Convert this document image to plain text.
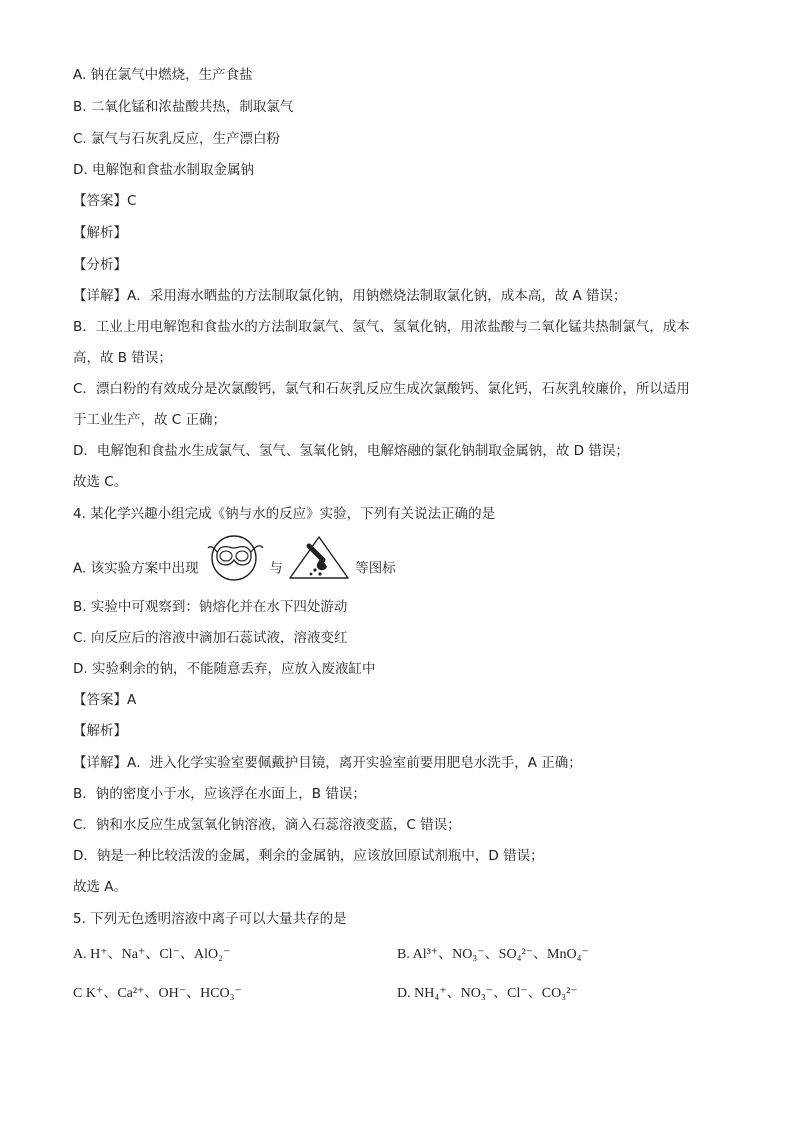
A. 钠在氯气中燃烧，生产食盐
B. 二氧化锰和浓盐酸共热，制取氯气
C. 氯气与石灰乳反应，生产漂白粉
D. 电解饱和食盐水制取金属钠
【答案】C
【解析】
【分析】
【详解】A．采用海水晒盐的方法制取氯化钠，用钠燃烧法制取氯化钠，成本高，故 A 错误；
B．工业上用电解饱和食盐水的方法制取氯气、氢气、氢氧化钠，用浓盐酸与二氧化锰共热制氯气，成本
高，故 B 错误；
C．漂白粉的有效成分是次氯酸钙，氯气和石灰乳反应生成次氯酸钙、氯化钙，石灰乳较廉价，所以适用
于工业生产，故 C 正确；
D．电解饱和食盐水生成氯气、氢气、氢氧化钠，电解熔融的氯化钠制取金属钠，故 D 错误；
故选 C。
4. 某化学兴趣小组完成《钠与水的反应》实验，下列有关说法正确的是
A. 该实验方案中出现	与	等图标
B. 实验中可观察到：钠熔化并在水下四处游动
C. 向反应后的溶液中滴加石蕊试液，溶液变红
D. 实验剩余的钠，不能随意丢弃，应放入废液缸中
【答案】A
【解析】
【详解】A．进入化学实验室要佩戴护目镜，离开实验室前要用肥皂水洗手，A 正确；
B．钠的密度小于水，应该浮在水面上，B 错误；
C．钠和水反应生成氢氧化钠溶液，滴入石蕊溶液变蓝，C 错误；
D．钠是一种比较活泼的金属，剩余的金属钠，应该放回原试剂瓶中，D 错误；
故选 A。
5. 下列无色透明溶液中离子可以大量共存的是
A. H⁺、Na⁺、Cl⁻、AlO₂⁻	B. Al³⁺、NO₃⁻、SO₄²⁻、MnO₄⁻
C K⁺、Ca²⁺、OH⁻、HCO₃⁻	D. NH₄⁺、NO₃⁻、Cl⁻、CO₃²⁻
